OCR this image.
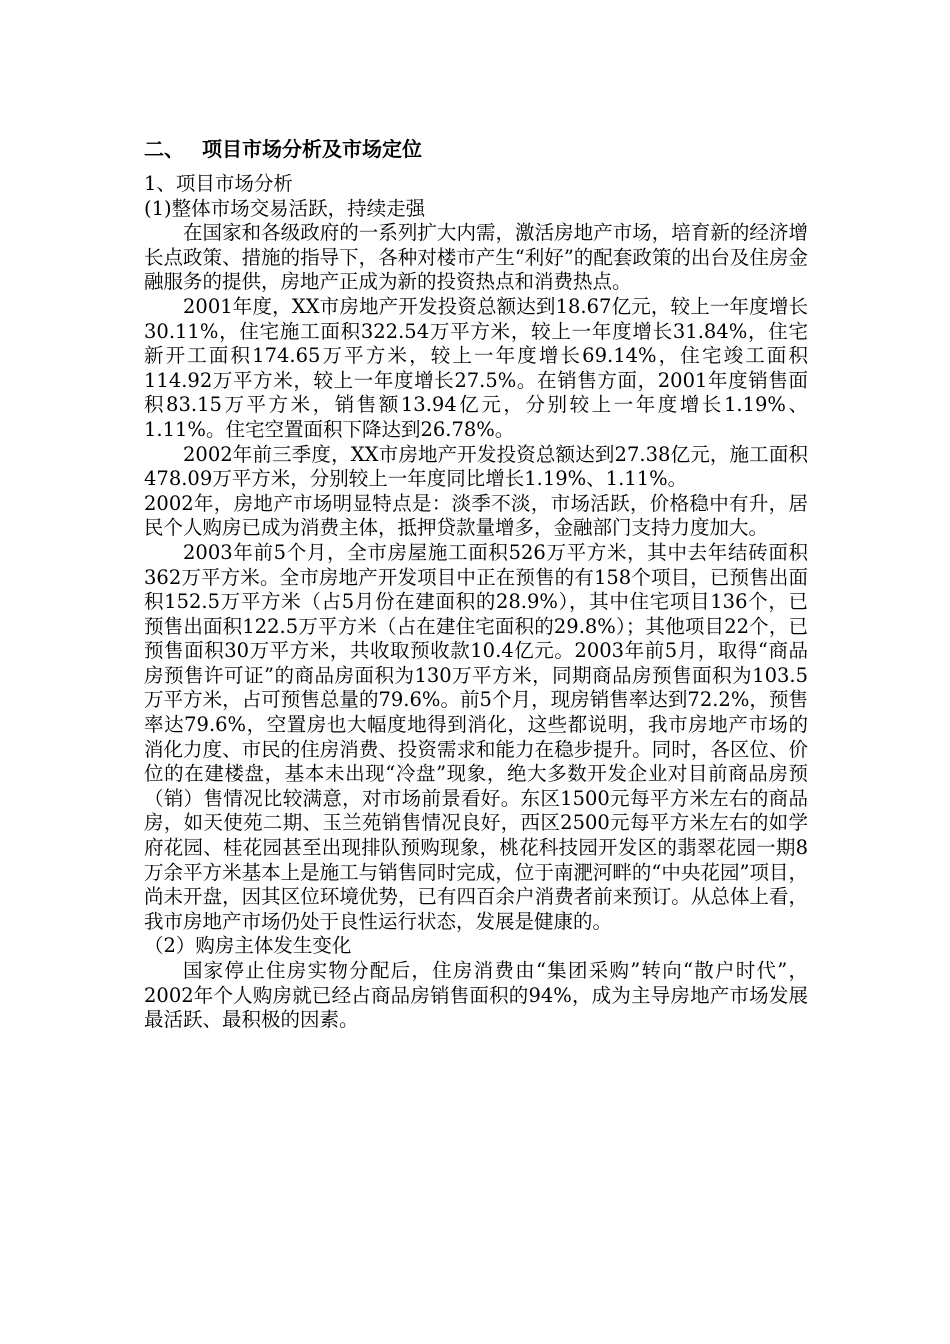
二、 项目市场分析及市场定位

1、项目市场分析

(1)整体市场交易活跃，持续走强

在国家和各级政府的一系列扩大内需，激活房地产市场，培育新的经济增长点政策、措施的指导下，各种对楼市产生“利好”的配套政策的出台及住房金融服务的提供，房地产正成为新的投资热点和消费热点。

2001年度，XX市房地产开发投资总额达到18.67亿元，较上一年度增长30.11%，住宅施工面积322.54万平方米，较上一年度增长31.84%，住宅新开工面积174.65万平方米，较上一年度增长69.14%，住宅竣工面积114.92万平方米，较上一年度增长27.5%。在销售方面，2001年度销售面积83.15万平方米，销售额13.94亿元，分别较上一年度增长1.19%、1.11%。住宅空置面积下降达到26.78%。

2002年前三季度，XX市房地产开发投资总额达到27.38亿元，施工面积478.09万平方米，分别较上一年度同比增长1.19%、1.11%。

2002年，房地产市场明显特点是：淡季不淡，市场活跃，价格稳中有升，居民个人购房已成为消费主体，抵押贷款量增多，金融部门支持力度加大。

2003年前5个月，全市房屋施工面积526万平方米，其中去年结砖面积362万平方米。全市房地产开发项目中正在预售的有158个项目，已预售出面积152.5万平方米（占5月份在建面积的28.9%），其中住宅项目136个，已预售出面积122.5万平方米（占在建住宅面积的29.8%）；其他项目22个，已预售面积30万平方米，共收取预收款10.4亿元。2003年前5月，取得“商品房预售许可证”的商品房面积为130万平方米，同期商品房预售面积为103.5万平方米，占可预售总量的79.6%。前5个月，现房销售率达到72.2%，预售率达79.6%，空置房也大幅度地得到消化，这些都说明，我市房地产市场的消化力度、市民的住房消费、投资需求和能力在稳步提升。同时，各区位、价位的在建楼盘，基本未出现“冷盘”现象，绝大多数开发企业对目前商品房预（销）售情况比较满意，对市场前景看好。东区1500元每平方米左右的商品房，如天使苑二期、玉兰苑销售情况良好，西区2500元每平方米左右的如学府花园、桂花园甚至出现排队预购现象，桃花科技园开发区的翡翠花园一期8万余平方米基本上是施工与销售同时完成，位于南淝河畔的“中央花园”项目，尚未开盘，因其区位环境优势，已有四百余户消费者前来预订。从总体上看，我市房地产市场仍处于良性运行状态，发展是健康的。

（2）购房主体发生变化

国家停止住房实物分配后，住房消费由“集团采购”转向“散户时代”，2002年个人购房就已经占商品房销售面积的94%，成为主导房地产市场发展最活跃、最积极的因素。
